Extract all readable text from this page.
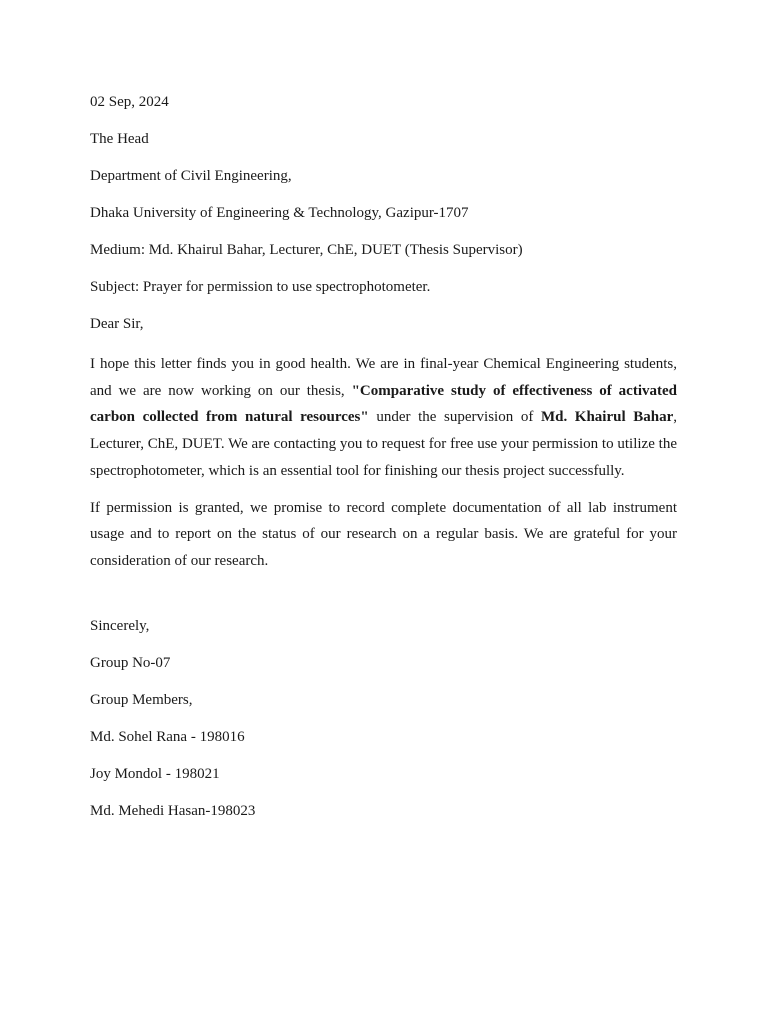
02 Sep, 2024
The Head
Department of Civil Engineering,
Dhaka University of Engineering & Technology, Gazipur-1707
Medium: Md. Khairul Bahar, Lecturer, ChE, DUET (Thesis Supervisor)
Subject: Prayer for permission to use spectrophotometer.
Dear Sir,

I hope this letter finds you in good health. We are in final-year Chemical Engineering students, and we are now working on our thesis, "Comparative study of effectiveness of activated carbon collected from natural resources" under the supervision of Md. Khairul Bahar, Lecturer, ChE, DUET. We are contacting you to request for free use your permission to utilize the spectrophotometer, which is an essential tool for finishing our thesis project successfully.

If permission is granted, we promise to record complete documentation of all lab instrument usage and to report on the status of our research on a regular basis. We are grateful for your consideration of our research.

Sincerely,
Group No-07
Group Members,
Md. Sohel Rana - 198016
Joy Mondol - 198021
Md. Mehedi Hasan-198023
